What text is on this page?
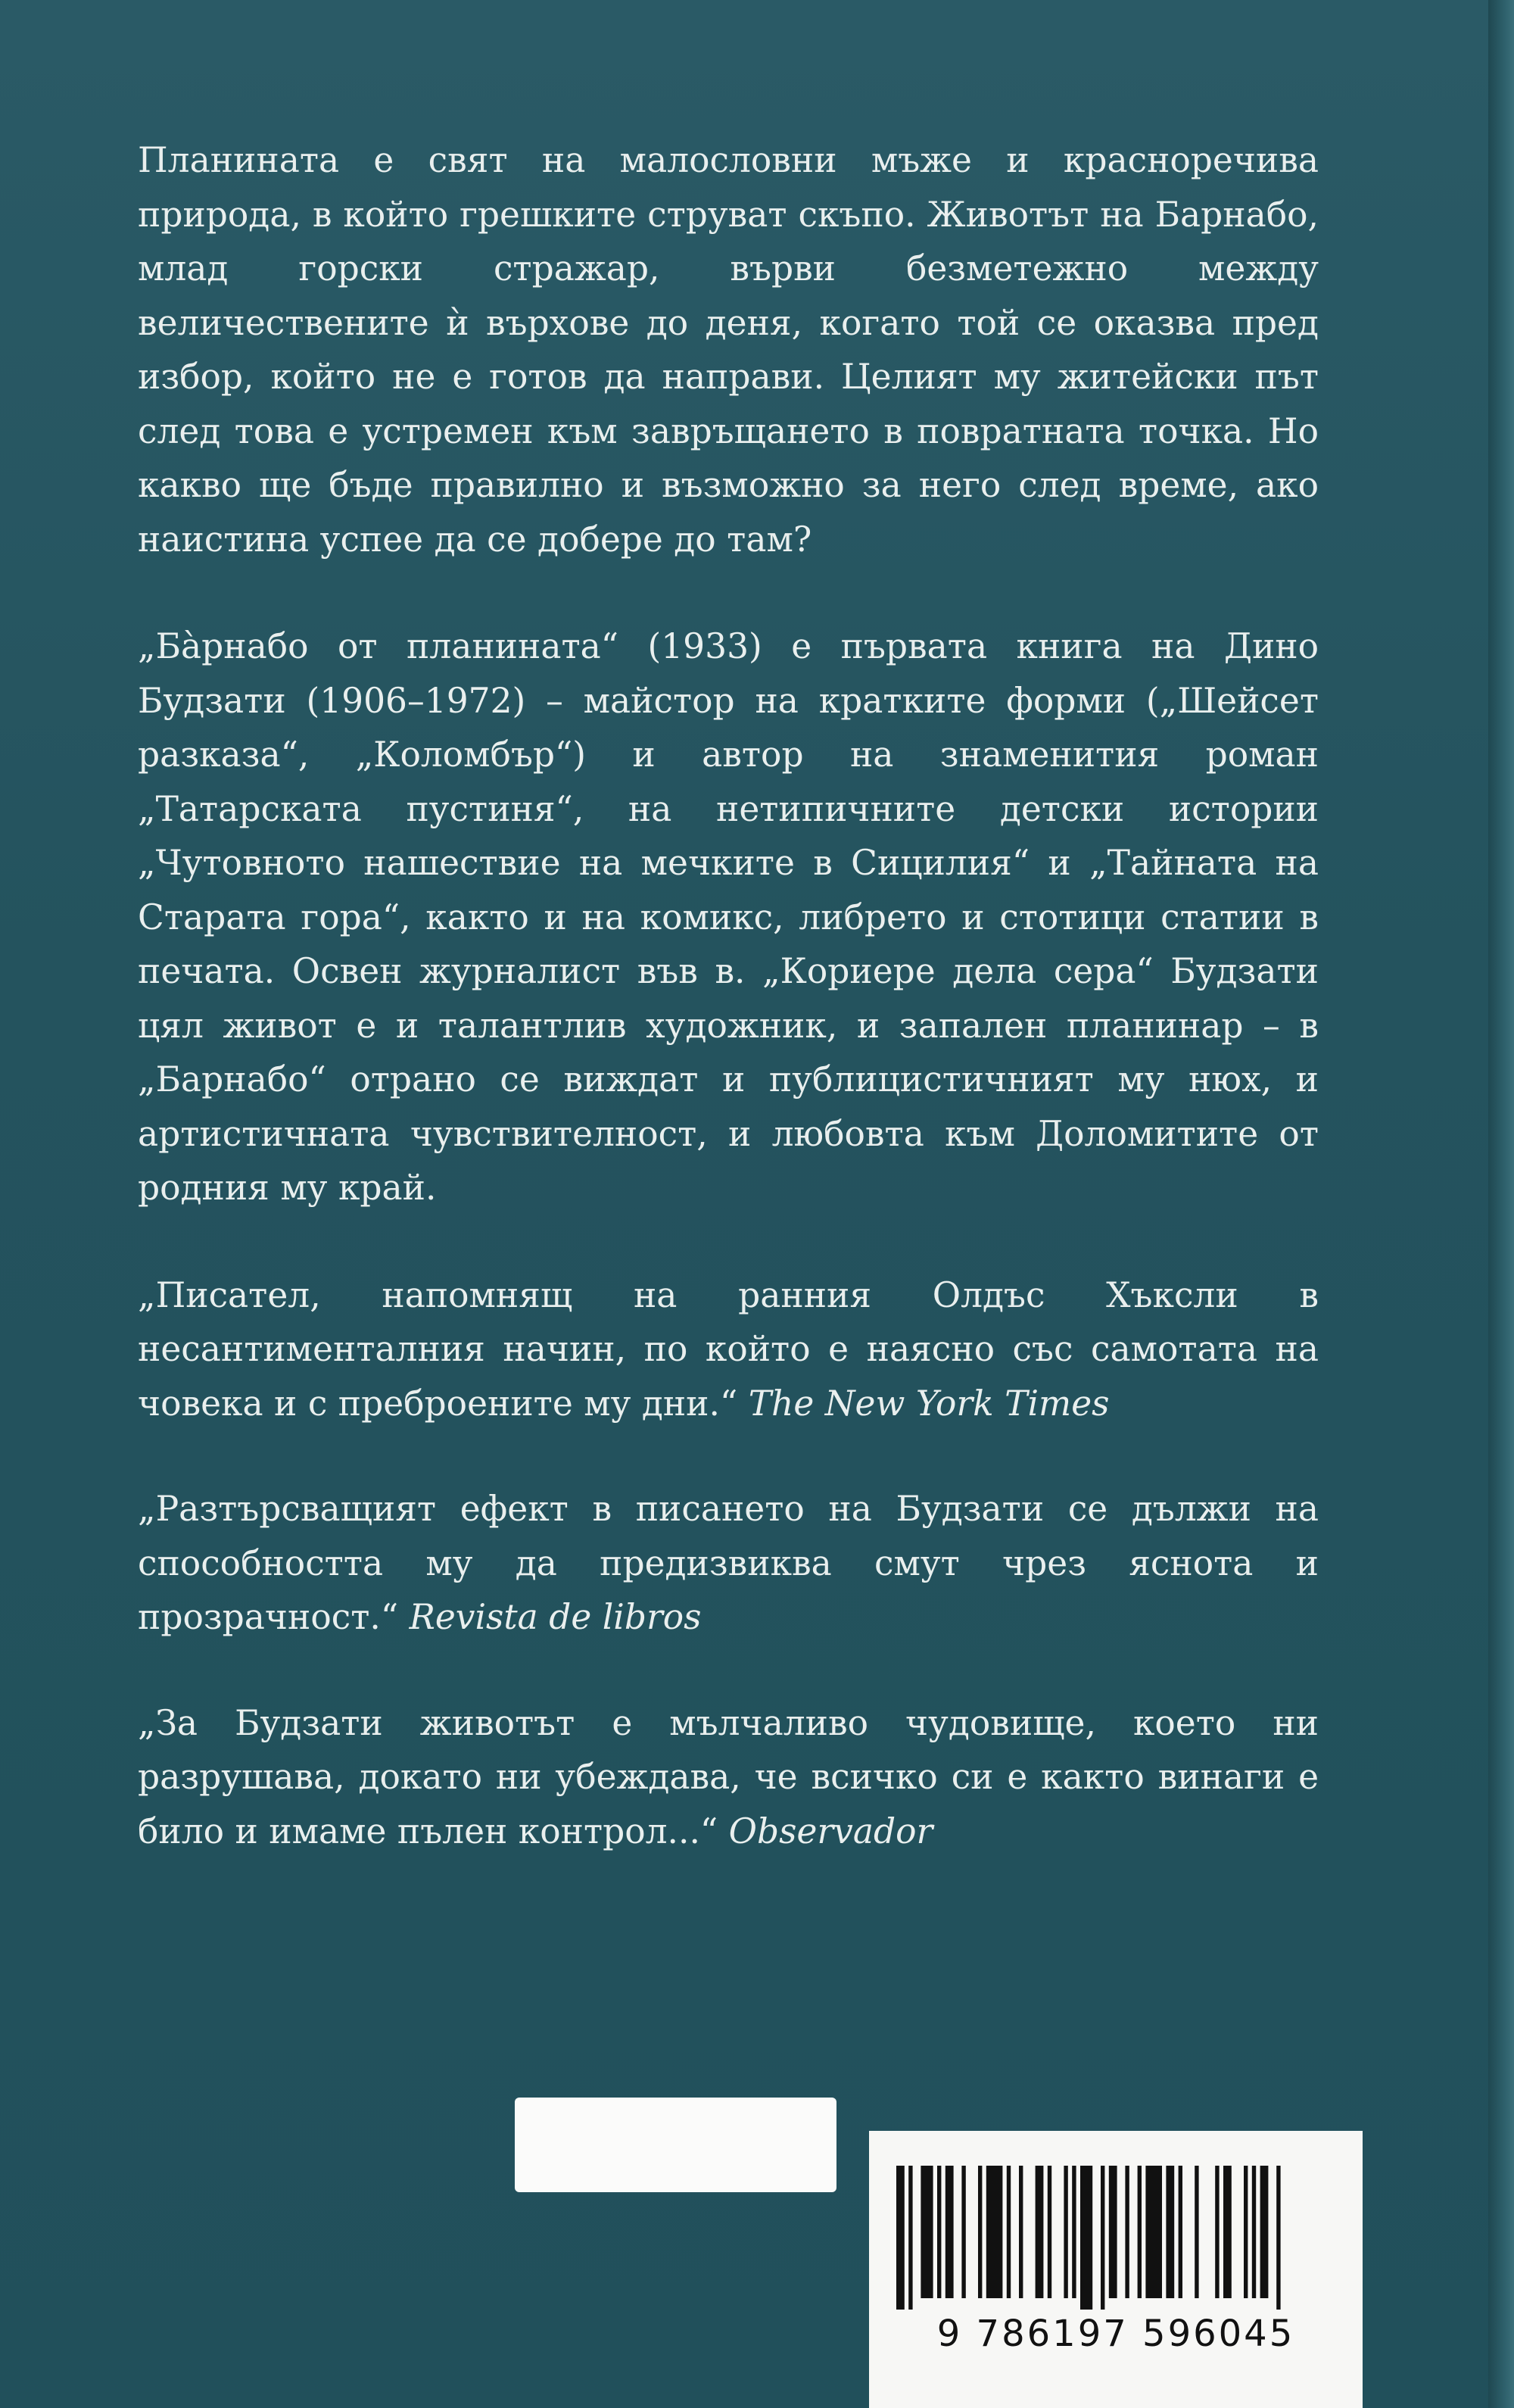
Планината е свят на малословни мъже и красноречива природа, в който грешките струват скъпо. Животът на Барнабо, млад горски стражар, върви безметежно между величествените ѝ върхове до деня, когато той се оказва пред избор, който не е готов да направи. Целият му житейски път след това е устремен към завръщането в повратната точка. Но какво ще бъде правилно и възможно за него след време, ако наистина успее да се добере до там?

„Ба̀рнабо от планината“ (1933) е първата книга на Дино Будзати (1906–1972) – майстор на кратките форми („Шейсет разказа“, „Коломбър“) и автор на знаменития роман „Татарската пустиня“, на нетипичните детски истории „Чутовното нашествие на мечките в Сицилия“ и „Тайната на Старата гора“, както и на комикс, либрето и стотици статии в печата. Освен журналист във в. „Кориере дела сера“ Будзати цял живот е и талантлив художник, и запален планинар – в „Барнабо“ отрано се виждат и публицистичният му нюх, и артистичната чувствителност, и любовта към Доломитите от родния му край.

„Писател, напомнящ на ранния Олдъс Хъксли в несантименталния начин, по който е наясно със самотата на човека и с преброените му дни.“ The New York Times

„Разтърсващият ефект в писането на Будзати се дължи на способността му да предизвиква смут чрез яснота и прозрачност.“ Revista de libros

„За Будзати животът е мълчаливо чудовище, което ни разрушава, докато ни убеждава, че всичко си е както винаги е било и имаме пълен контрол...“ Observador

9 786197 596045
